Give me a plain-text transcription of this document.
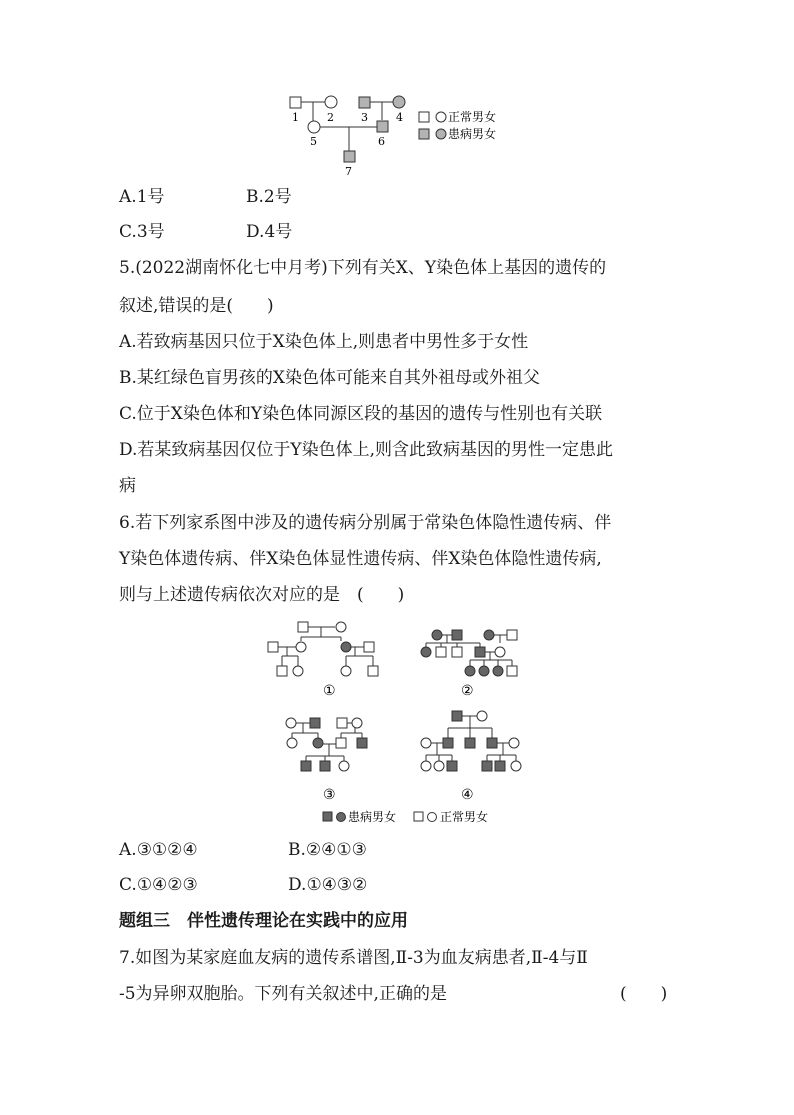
1	2 3	4
5	6
7
正常男女
患病男女
A.1号	B.2号
C.3号	D.4号
5.(2022湖南怀化七中月考)下列有关X、Y染色体上基因的遗传的
叙述,错误的是(　　)
A.若致病基因只位于X染色体上,则患者中男性多于女性
B.某红绿色盲男孩的X染色体可能来自其外祖母或外祖父
C.位于X染色体和Y染色体同源区段的基因的遗传与性别也有关联
D.若某致病基因仅位于Y染色体上,则含此致病基因的男性一定患此
病
6.若下列家系图中涉及的遗传病分别属于常染色体隐性遗传病、伴
Y染色体遗传病、伴X染色体显性遗传病、伴X染色体隐性遗传病,
则与上述遗传病依次对应的是　(　　)
①	②
③	④
患病男女	正常男女
A.③①②④	B.②④①③
C.①④②③	D.①④③②
题组三　伴性遗传理论在实践中的应用
7.如图为某家庭血友病的遗传系谱图,Ⅱ-3为血友病患者,Ⅱ-4与Ⅱ
-5为异卵双胞胎。下列有关叙述中,正确的是	(　　)
